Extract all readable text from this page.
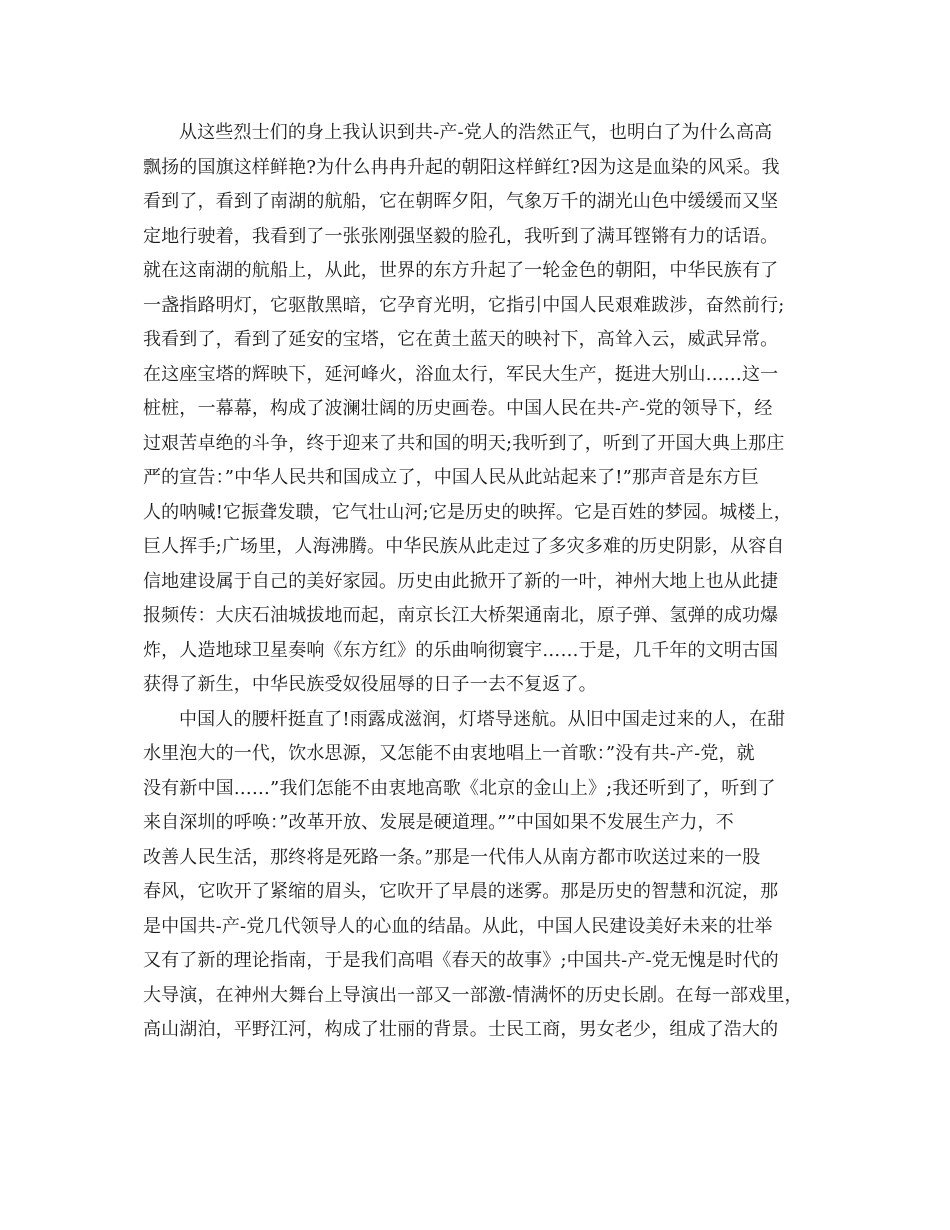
从这些烈士们的身上我认识到共-产-党人的浩然正气，也明白了为什么高高
飘扬的国旗这样鲜艳?为什么冉冉升起的朝阳这样鲜红?因为这是血染的风采。我
看到了，看到了南湖的航船，它在朝晖夕阳，气象万千的湖光山色中缓缓而又坚
定地行驶着，我看到了一张张刚强坚毅的脸孔，我听到了满耳铿锵有力的话语。
就在这南湖的航船上，从此，世界的东方升起了一轮金色的朝阳，中华民族有了
一盏指路明灯，它驱散黑暗，它孕育光明，它指引中国人民艰难跋涉，奋然前行;
我看到了，看到了延安的宝塔，它在黄土蓝天的映衬下，高耸入云，威武异常。
在这座宝塔的辉映下，延河峰火，浴血太行，军民大生产，挺进大别山……这一
桩桩，一幕幕，构成了波澜壮阔的历史画卷。中国人民在共-产-党的领导下，经
过艰苦卓绝的斗争，终于迎来了共和国的明天;我听到了，听到了开国大典上那庄
严的宣告：”中华人民共和国成立了，中国人民从此站起来了!”那声音是东方巨
人的呐喊!它振聋发聩，它气壮山河;它是历史的映挥。它是百姓的梦园。城楼上，
巨人挥手;广场里，人海沸腾。中华民族从此走过了多灾多难的历史阴影，从容自
信地建设属于自己的美好家园。历史由此掀开了新的一叶，神州大地上也从此捷
报频传：大庆石油城拔地而起，南京长江大桥架通南北，原子弹、氢弹的成功爆
炸，人造地球卫星奏响《东方红》的乐曲响彻寰宇……于是，几千年的文明古国
获得了新生，中华民族受奴役屈辱的日子一去不复返了。
中国人的腰杆挺直了!雨露成滋润，灯塔导迷航。从旧中国走过来的人，在甜
水里泡大的一代，饮水思源，又怎能不由衷地唱上一首歌：”没有共-产-党，就
没有新中国……”我们怎能不由衷地高歌《北京的金山上》;我还听到了，听到了
来自深圳的呼唤：”改革开放、发展是硬道理。””中国如果不发展生产力，不
改善人民生活，那终将是死路一条。”那是一代伟人从南方都市吹送过来的一股
春风，它吹开了紧缩的眉头，它吹开了早晨的迷雾。那是历史的智慧和沉淀，那
是中国共-产-党几代领导人的心血的结晶。从此，中国人民建设美好未来的壮举
又有了新的理论指南，于是我们高唱《春天的故事》;中国共-产-党无愧是时代的
大导演，在神州大舞台上导演出一部又一部激-情满怀的历史长剧。在每一部戏里，
高山湖泊，平野江河，构成了壮丽的背景。士民工商，男女老少，组成了浩大的
